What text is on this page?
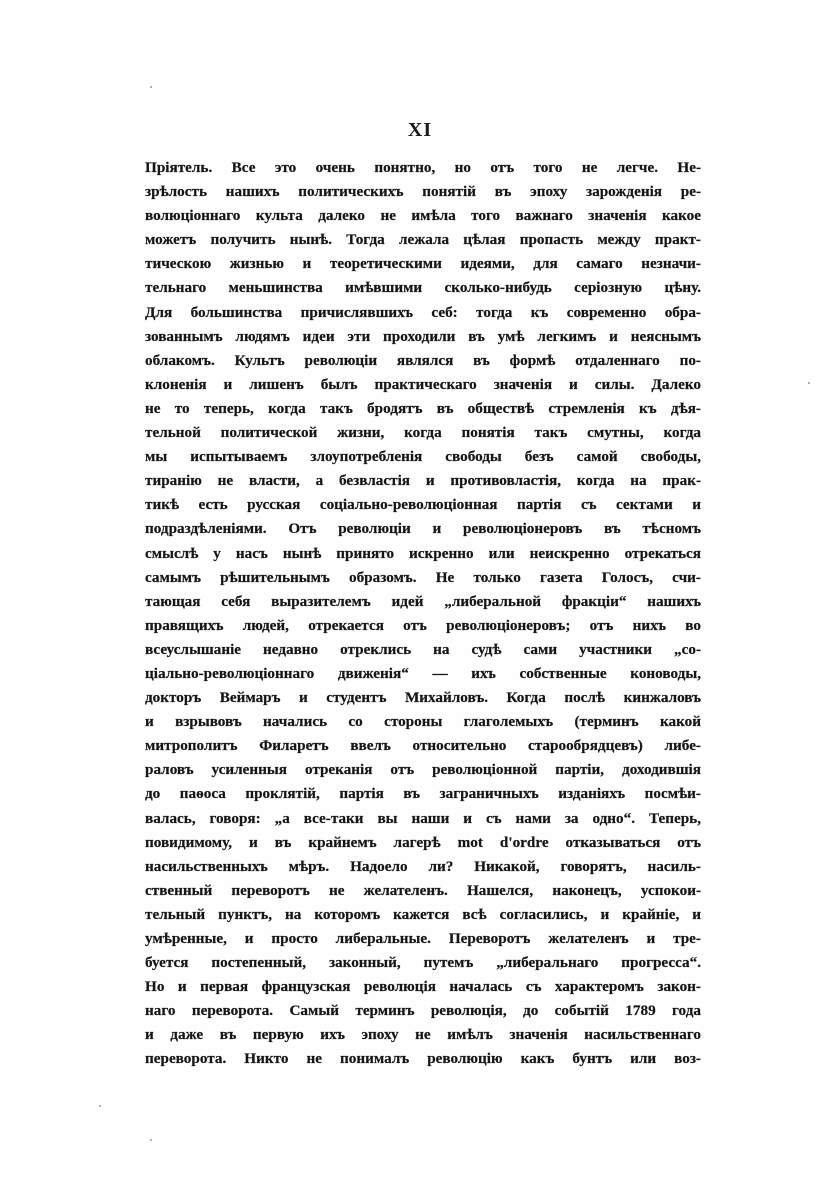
XI
Пріятель. Все это очень понятно, но отъ того не легче. Не-
зрѣлость нашихъ политическихъ понятій въ эпоху зарожденія ре-
волюціоннаго культа далеко не имѣла того важнаго значенія какое
можетъ получить нынѣ. Тогда лежала цѣлая пропасть между практ-
тическою жизнью и теоретическими идеями, для самаго незначи-
тельнаго меньшинства имѣвшими сколько-нибудь серіозную цѣну.
Для большинства причислявшихъ себ: тогда къ современно обра-
зованнымъ людямъ идеи эти проходили въ умѣ легкимъ и неяснымъ
облакомъ. Культъ революціи являлся въ формѣ отдаленнаго по-
клоненія и лишенъ былъ практическаго значенія и силы. Далеко
не то теперь, когда такъ бродятъ въ обществѣ стремленія къ дѣя-
тельной политической жизни, когда понятія такъ смутны, когда
мы испытываемъ злоупотребленія свободы безъ самой свободы,
тиранію не власти, а безвластія и противовластія, когда на прак-
тикѣ есть русская соціально-революціонная партія съ сектами и
подраздѣленіями. Отъ революціи и революціонеровъ въ тѣсномъ
смыслѣ у насъ нынѣ принято искренно или неискренно отрекаться
самымъ рѣшительнымъ образомъ. Не только газета Голосъ, счи-
тающая себя выразителемъ идей „либеральной фракціи“ нашихъ
правящихъ людей, отрекается отъ революціонеровъ; отъ нихъ во
всеуслышаніе недавно отреклись на судѣ сами участники „со-
ціально-революціоннаго движенія“ — ихъ собственные коноводы,
докторъ Веймаръ и студентъ Михайловъ. Когда послѣ кинжаловъ
и взрывовъ начались со стороны глаголемыхъ (терминъ какой
митрополитъ Филаретъ ввелъ относительно старообрядцевъ) либе-
раловъ усиленныя отреканія отъ революціонной партіи, доходившія
до паѳоса проклятій, партія въ заграничныхъ изданіяхъ посмѣи-
валась, говоря: „а все-таки вы наши и съ нами за одно“. Теперь,
повидимому, и въ крайнемъ лагерѣ mot d'ordre отказываться отъ
насильственныхъ мѣръ. Надоело ли? Никакой, говорятъ, насиль-
ственный переворотъ не желателенъ. Нашелся, наконецъ, успокои-
тельный пунктъ, на которомъ кажется всѣ согласились, и крайніе, и
умѣренные, и просто либеральные. Переворотъ желателенъ и тре-
буется постепенный, законный, путемъ „либеральнаго прогресса“.
Но и первая французская революція началась съ характеромъ закон-
наго переворота. Самый терминъ революція, до событій 1789 года
и даже въ первую ихъ эпоху не имѣлъ значенія насильственнаго
переворота. Никто не понималъ революцію какъ бунтъ или воз-
